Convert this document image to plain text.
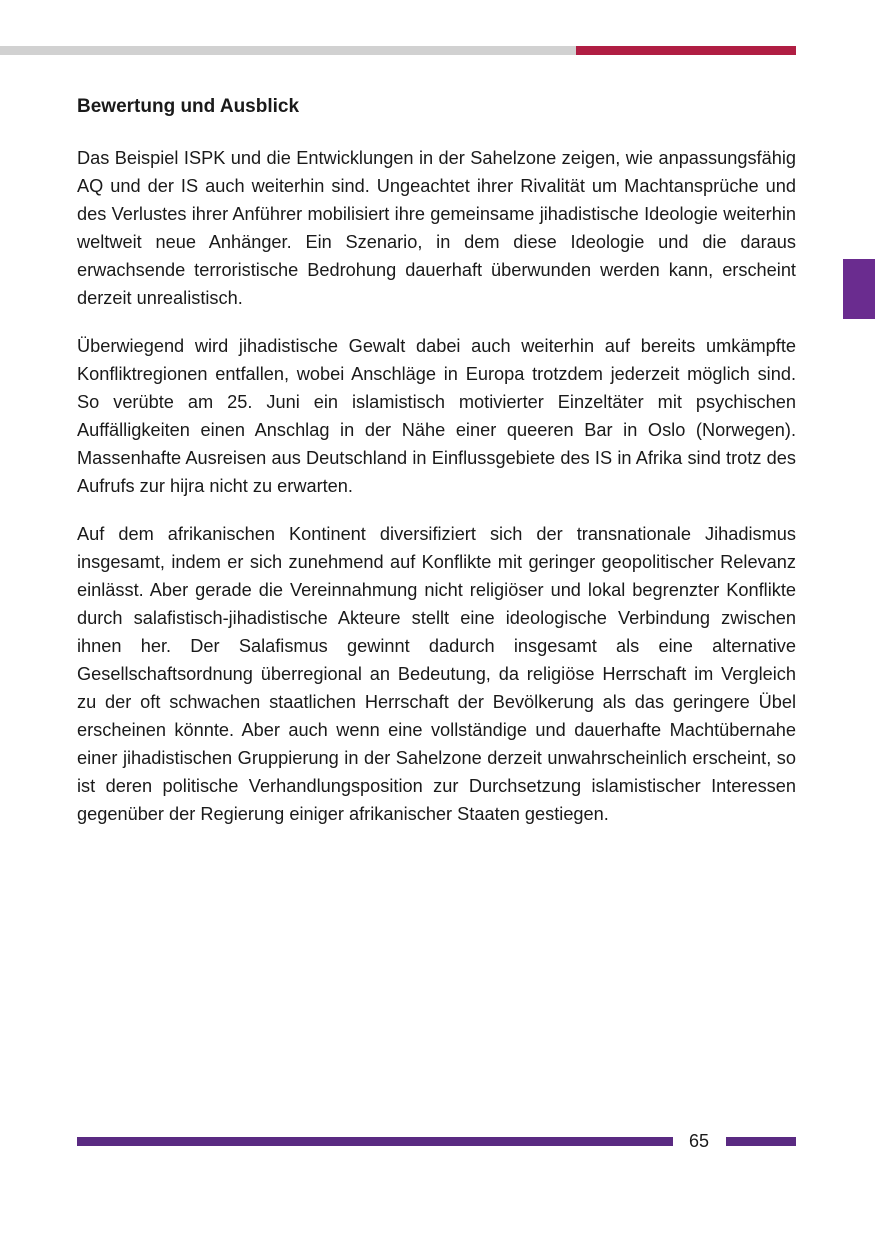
Bewertung und Ausblick

Das Beispiel ISPK und die Entwicklungen in der Sahelzone zeigen, wie anpassungsfähig AQ und der IS auch weiterhin sind. Ungeachtet ihrer Rivalität um Machtansprüche und des Verlustes ihrer Anführer mobilisiert ihre gemeinsame jihadistische Ideologie weiterhin weltweit neue Anhänger. Ein Szenario, in dem diese Ideologie und die daraus erwachsende terroristische Bedrohung dauerhaft überwunden werden kann, erscheint derzeit unrealistisch.

Überwiegend wird jihadistische Gewalt dabei auch weiterhin auf bereits umkämpfte Konfliktregionen entfallen, wobei Anschläge in Europa trotzdem jederzeit möglich sind. So verübte am 25. Juni ein islamistisch motivierter Einzeltäter mit psychischen Auffälligkeiten einen Anschlag in der Nähe einer queeren Bar in Oslo (Norwegen). Massenhafte Ausreisen aus Deutschland in Einflussgebiete des IS in Afrika sind trotz des Aufrufs zur hijra nicht zu erwarten.

Auf dem afrikanischen Kontinent diversifiziert sich der transnationale Jihadismus insgesamt, indem er sich zunehmend auf Konflikte mit geringer geopolitischer Relevanz einlässt. Aber gerade die Vereinnahmung nicht religiöser und lokal begrenzter Konflikte durch salafistisch-jihadistische Akteure stellt eine ideologische Verbindung zwischen ihnen her. Der Salafismus gewinnt dadurch insgesamt als eine alternative Gesellschaftsordnung überregional an Bedeutung, da religiöse Herrschaft im Vergleich zu der oft schwachen staatlichen Herrschaft der Bevölkerung als das geringere Übel erscheinen könnte. Aber auch wenn eine vollständige und dauerhafte Machtübernahe einer jihadistischen Gruppierung in der Sahelzone derzeit unwahrscheinlich erscheint, so ist deren politische Verhandlungsposition zur Durchsetzung islamistischer Interessen gegenüber der Regierung einiger afrikanischer Staaten gestiegen.

65
